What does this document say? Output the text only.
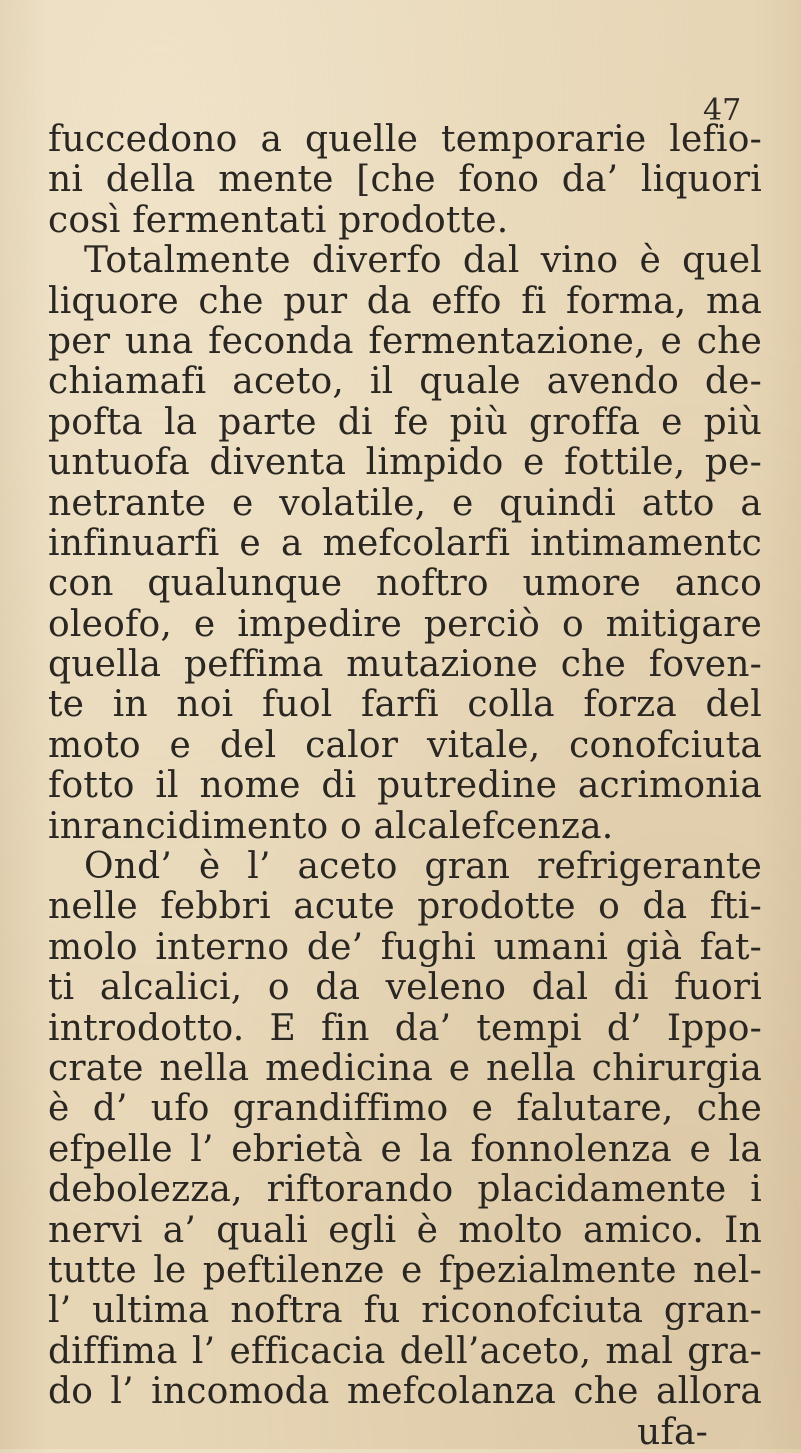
47
fuccedono a quelle temporarie lefio-
ni della mente [che fono da’ liquori
così fermentati prodotte.
Totalmente diverfo dal vino è quel
liquore che pur da effo fi forma, ma
per una feconda fermentazione, e che
chiamafi aceto, il quale avendo de-
pofta la parte di fe più groffa e più
untuofa diventa limpido e fottile, pe-
netrante e volatile, e quindi atto a
infinuarfi e a mefcolarfi intimamentc
con qualunque noftro umore anco
oleofo, e impedire perciò o mitigare
quella peffima mutazione che foven-
te in noi fuol farfi colla forza del
moto e del calor vitale, conofciuta
fotto il nome di putredine acrimonia
inrancidimento o alcalefcenza.
Ond’ è l’ aceto gran refrigerante
nelle febbri acute prodotte o da fti-
molo interno de’ fughi umani già fat-
ti alcalici, o da veleno dal di fuori
introdotto. E fin da’ tempi d’ Ippo-
crate nella medicina e nella chirurgia
è d’ ufo grandiffimo e falutare, che
efpelle l’ ebrietà e la fonnolenza e la
debolezza, riftorando placidamente i
nervi a’ quali egli è molto amico. In
tutte le peftilenze e fpezialmente nel-
l’ ultima noftra fu riconofciuta gran-
diffima l’ efficacia dell’aceto, mal gra-
do l’ incomoda mefcolanza che allora
ufa-
